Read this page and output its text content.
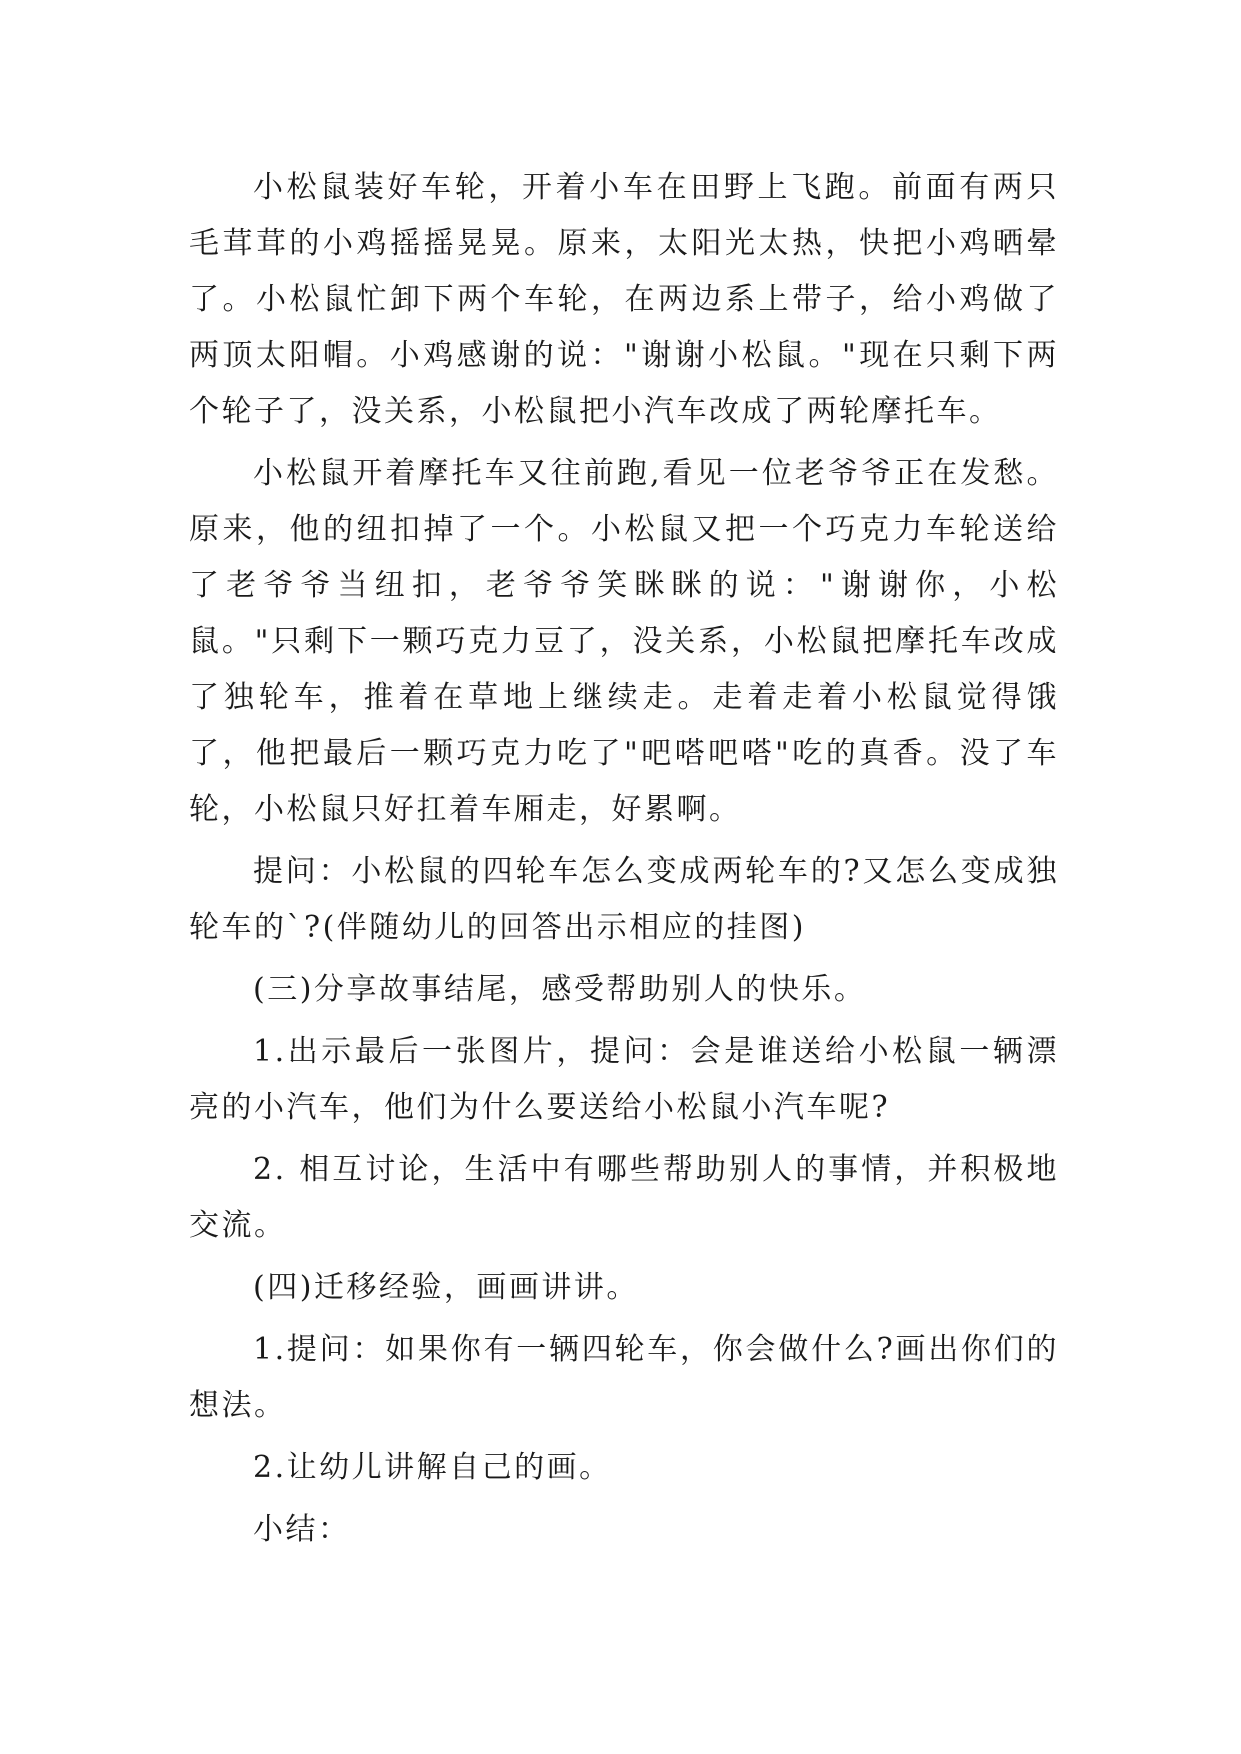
小松鼠装好车轮，开着小车在田野上飞跑。前面有两只毛茸茸的小鸡摇摇晃晃。原来，太阳光太热，快把小鸡晒晕了。小松鼠忙卸下两个车轮，在两边系上带子，给小鸡做了两顶太阳帽。小鸡感谢的说："谢谢小松鼠。"现在只剩下两个轮子了，没关系，小松鼠把小汽车改成了两轮摩托车。

小松鼠开着摩托车又往前跑,看见一位老爷爷正在发愁。原来，他的纽扣掉了一个。小松鼠又把一个巧克力车轮送给了老爷爷当纽扣，老爷爷笑眯眯的说："谢谢你，小松鼠。"只剩下一颗巧克力豆了，没关系，小松鼠把摩托车改成了独轮车，推着在草地上继续走。走着走着小松鼠觉得饿了，他把最后一颗巧克力吃了"吧嗒吧嗒"吃的真香。没了车轮，小松鼠只好扛着车厢走，好累啊。

提问：小松鼠的四轮车怎么变成两轮车的?又怎么变成独轮车的`?(伴随幼儿的回答出示相应的挂图)

(三)分享故事结尾，感受帮助别人的快乐。

1.出示最后一张图片，提问：会是谁送给小松鼠一辆漂亮的小汽车，他们为什么要送给小松鼠小汽车呢?

2. 相互讨论，生活中有哪些帮助别人的事情，并积极地交流。

(四)迁移经验，画画讲讲。

1.提问：如果你有一辆四轮车，你会做什么?画出你们的想法。

2.让幼儿讲解自己的画。

小结：
